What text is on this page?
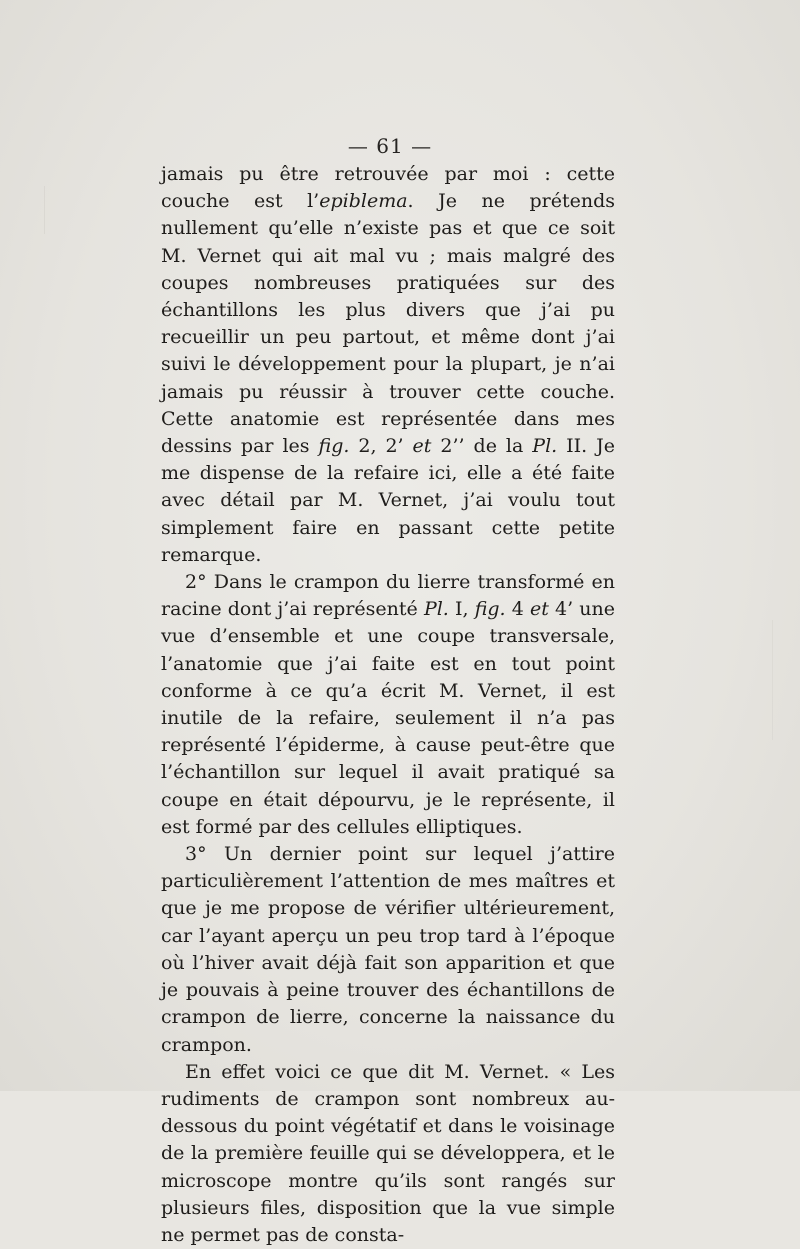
— 61 —

jamais pu être retrouvée par moi : cette couche est l’epiblema. Je ne prétends nullement qu’elle n’existe pas et que ce soit M. Vernet qui ait mal vu ; mais malgré des coupes nombreuses pratiquées sur des échantillons les plus divers que j’ai pu recueillir un peu partout, et même dont j’ai suivi le développement pour la plupart, je n’ai jamais pu réussir à trouver cette couche. Cette anatomie est représentée dans mes dessins par les fig. 2, 2’ et 2’’ de la Pl. II. Je me dispense de la refaire ici, elle a été faite avec détail par M. Vernet, j’ai voulu tout simplement faire en passant cette petite remarque.

2° Dans le crampon du lierre transformé en racine dont j’ai représenté Pl. I, fig. 4 et 4’ une vue d’ensemble et une coupe transversale, l’anatomie que j’ai faite est en tout point conforme à ce qu’a écrit M. Vernet, il est inutile de la refaire, seulement il n’a pas représenté l’épiderme, à cause peut-être que l’échantillon sur lequel il avait pratiqué sa coupe en était dépourvu, je le représente, il est formé par des cellules elliptiques.

3° Un dernier point sur lequel j’attire particulièrement l’attention de mes maîtres et que je me propose de vérifier ultérieurement, car l’ayant aperçu un peu trop tard à l’époque où l’hiver avait déjà fait son apparition et que je pouvais à peine trouver des échantillons de crampon de lierre, concerne la naissance du crampon.

En effet voici ce que dit M. Vernet. « Les rudiments de crampon sont nombreux au-dessous du point végétatif et dans le voisinage de la première feuille qui se développera, et le microscope montre qu’ils sont rangés sur plusieurs files, disposition que la vue simple ne permet pas de consta-
